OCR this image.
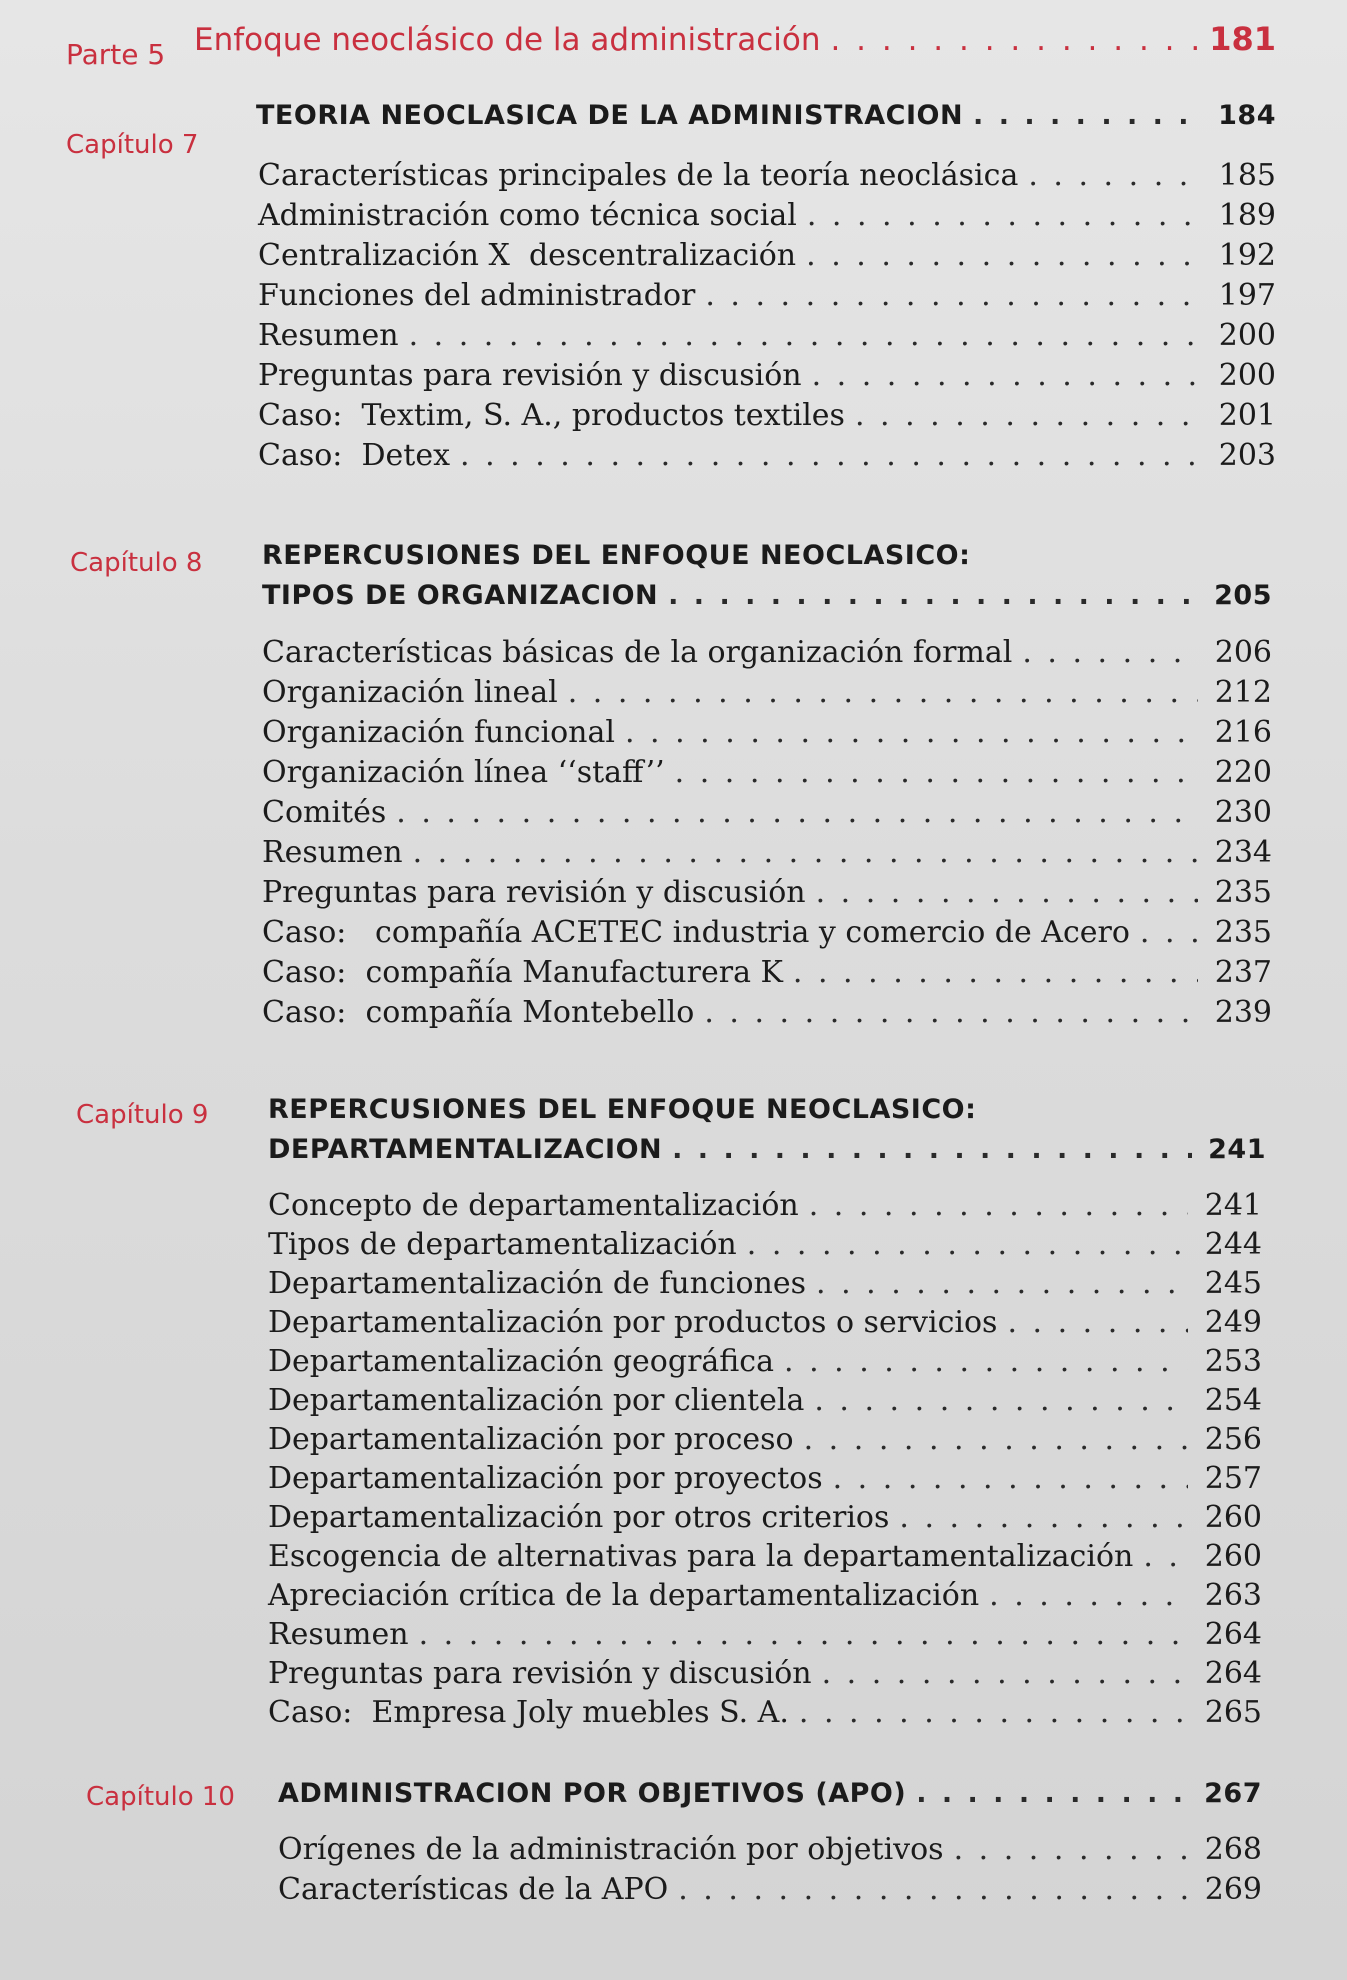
Parte 5 Enfoque neoclásico de la administración . . .	181
Capítulo 7
TEORIA NEOCLASICA DE LA ADMINISTRACION . . .	184
Características principales de la teoría neoclásica . . .	185
Administración como técnica social . . .	189
Centralización X  descentralización . . .	192
Funciones del administrador . . .	197
Resumen . . .	200
Preguntas para revisión y discusión . . .	200
Caso:  Textim, S. A., productos textiles . . .	201
Caso:  Detex . . .	203
Capítulo 8 REPERCUSIONES DEL ENFOQUE NEOCLASICO:
TIPOS DE ORGANIZACION . . .	205
Características básicas de la organización formal . . .	206
Organización lineal . . .	212
Organización funcional . . .	216
Organización línea ‘‘staff’’ . . .	220
Comités . . .	230
Resumen . . .	234
Preguntas para revisión y discusión . . .	235
Caso:   compañía ACETEC industria y comercio de Acero . . .	235
Caso:  compañía Manufacturera K . . .	237
Caso:  compañía Montebello . . .	239
Capítulo 9 REPERCUSIONES DEL ENFOQUE NEOCLASICO:
DEPARTAMENTALIZACION . . .	241
Concepto de departamentalización . . .	241
Tipos de departamentalización . . .	244
Departamentalización de funciones . . .	245
Departamentalización por productos o servicios . . .	249
Departamentalización geográfica . . .	253
Departamentalización por clientela . . .	254
Departamentalización por proceso . . .	256
Departamentalización por proyectos . . .	257
Departamentalización por otros criterios . . .	260
Escogencia de alternativas para la departamentalización . . . 260
Apreciación crítica de la departamentalización . . .	263
Resumen . . .	264
Preguntas para revisión y discusión . . .	264
Caso:  Empresa Joly muebles S. A. . . .	265
Capítulo 10 ADMINISTRACION POR OBJETIVOS (APO) . . .	267
Orígenes de la administración por objetivos . . .	268
Características de la APO . . .	269
